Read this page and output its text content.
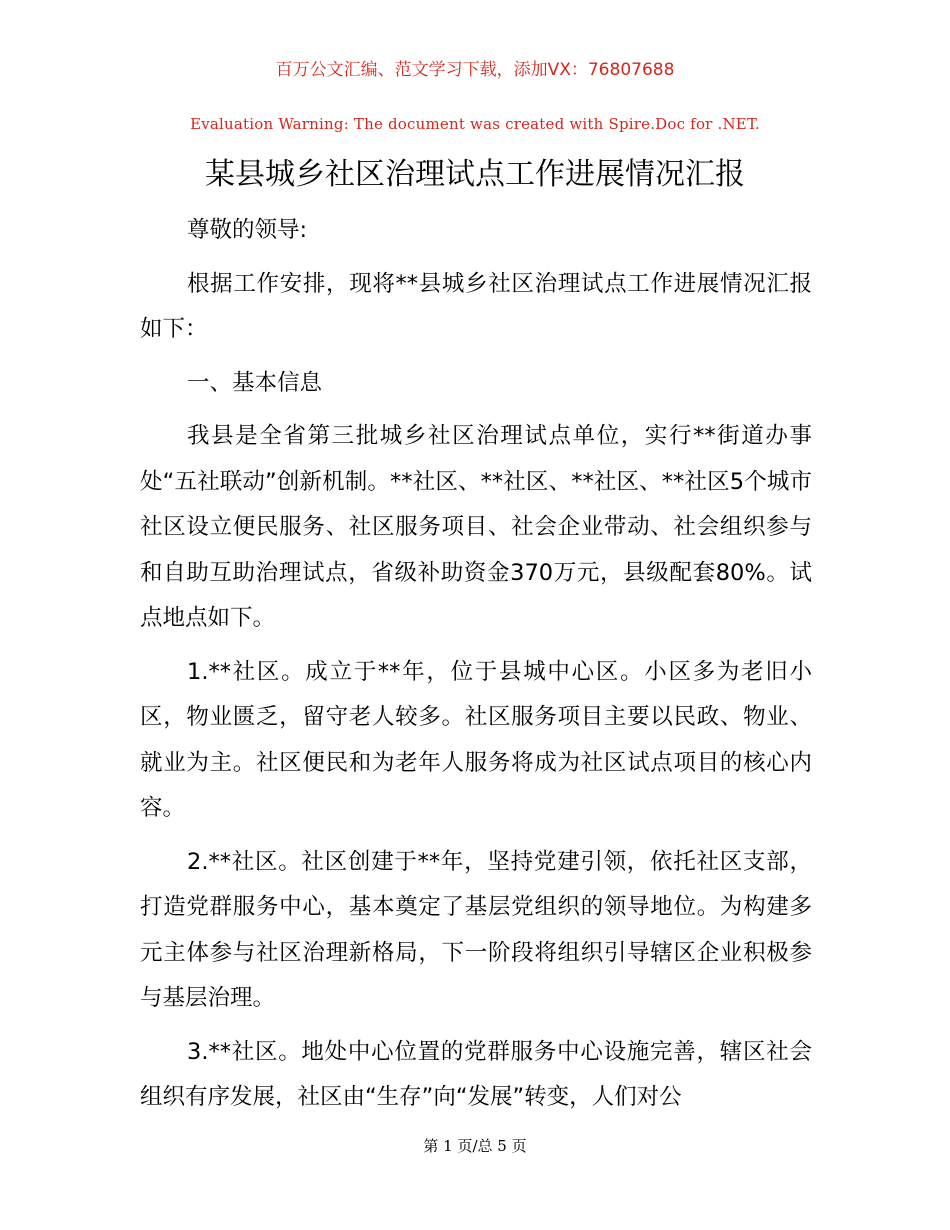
百万公文汇编、范文学习下载，添加VX：76807688
Evaluation Warning: The document was created with Spire.Doc for .NET.
某县城乡社区治理试点工作进展情况汇报

尊敬的领导:

根据工作安排，现将**县城乡社区治理试点工作进展情况汇报如下：

一、基本信息

我县是全省第三批城乡社区治理试点单位，实行**街道办事处“五社联动”创新机制。**社区、**社区、**社区、**社区5个城市社区设立便民服务、社区服务项目、社会企业带动、社会组织参与和自助互助治理试点，省级补助资金370万元，县级配套80%。试点地点如下。

1.**社区。成立于**年，位于县城中心区。小区多为老旧小区，物业匮乏，留守老人较多。社区服务项目主要以民政、物业、就业为主。社区便民和为老年人服务将成为社区试点项目的核心内容。

2.**社区。社区创建于**年，坚持党建引领，依托社区支部，打造党群服务中心，基本奠定了基层党组织的领导地位。为构建多元主体参与社区治理新格局，下一阶段将组织引导辖区企业积极参与基层治理。

3.**社区。地处中心位置的党群服务中心设施完善，辖区社会组织有序发展，社区由“生存”向“发展”转变，人们对公

第 1 页/总 5 页
